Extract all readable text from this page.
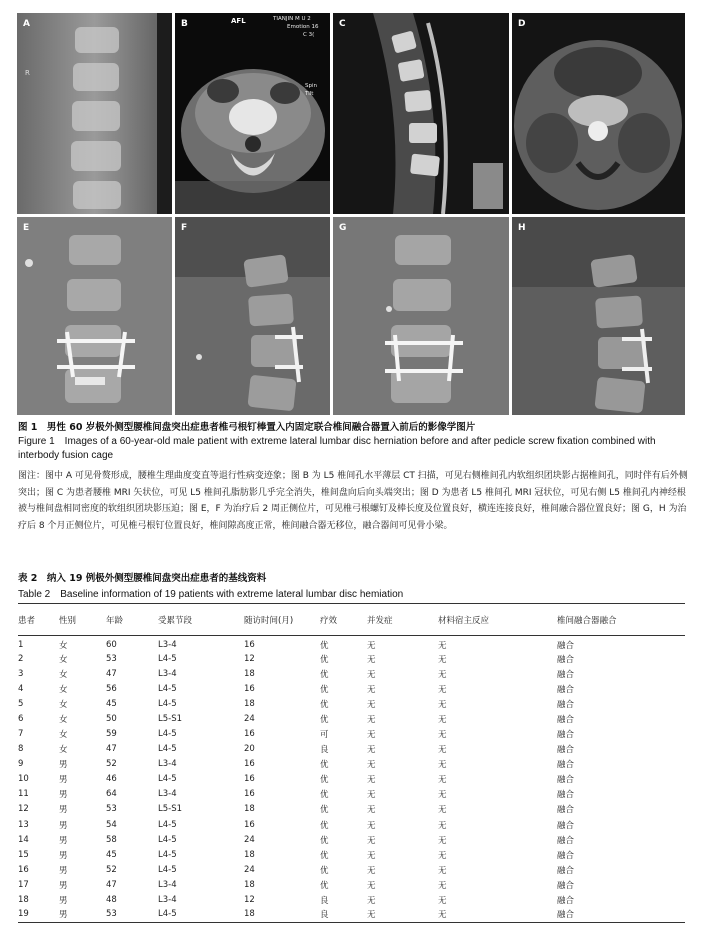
R
A	B	AFL	TIANJIN M U 2
Emotion 16
C 3(
Spin
Tilt
C	D
E	F	G	H
图 1　男性 60 岁极外侧型腰椎间盘突出症患者椎弓根钉棒置入内固定联合椎间融合器置入前后的影像学图片
Figure 1　Images of a 60-year-old male patient with extreme lateral lumbar disc herniation before and after pedicle screw fixation combined with interbody fusion cage
图注：图中 A 可见骨赘形成，腰椎生理曲度变直等退行性病变迹象；图 B 为 L5 椎间孔水平薄层 CT 扫描，可见右侧椎间孔内软组织团块影占据椎间孔，同时伴有后外侧突出；图 C 为患者腰椎 MRI 矢状位，可见 L5 椎间孔脂肪影几乎完全消失，椎间盘向后向头端突出；图 D 为患者 L5 椎间孔 MRI 冠状位，可见右侧 L5 椎间孔内神经根被与椎间盘相同密度的软组织团块影压迫；图 E，F 为治疗后 2 周正侧位片，可见椎弓根螺钉及棒长度及位置良好，横连连接良好，椎间融合器位置良好；图 G，H 为治疗后 8 个月正侧位片，可见椎弓根钉位置良好，椎间隙高度正常，椎间融合器无移位，融合器间可见骨小梁。
表 2　纳入 19 例极外侧型腰椎间盘突出症患者的基线资料
Table 2　Baseline information of 19 patients with extreme lateral lumbar disc hemiation
患者	性别	年龄	受累节段	随访时间(月)	疗效	并发症	材料宿主反应	椎间融合器融合
1	女	60	L3-4	16	优	无	无	融合
2	女	53	L4-5	12	优	无	无	融合
3	女	47	L3-4	18	优	无	无	融合
4	女	56	L4-5	16	优	无	无	融合
5	女	45	L4-5	18	优	无	无	融合
6	女	50	L5-S1	24	优	无	无	融合
7	女	59	L4-5	16	可	无	无	融合
8	女	47	L4-5	20	良	无	无	融合
9	男	52	L3-4	16	优	无	无	融合
10	男	46	L4-5	16	优	无	无	融合
11	男	64	L3-4	16	优	无	无	融合
12	男	53	L5-S1	18	优	无	无	融合
13	男	54	L4-5	16	优	无	无	融合
14	男	58	L4-5	24	优	无	无	融合
15	男	45	L4-5	18	优	无	无	融合
16	男	52	L4-5	24	优	无	无	融合
17	男	47	L3-4	18	优	无	无	融合
18	男	48	L3-4	12	良	无	无	融合
19	男	53	L4-5	18	良	无	无	融合
